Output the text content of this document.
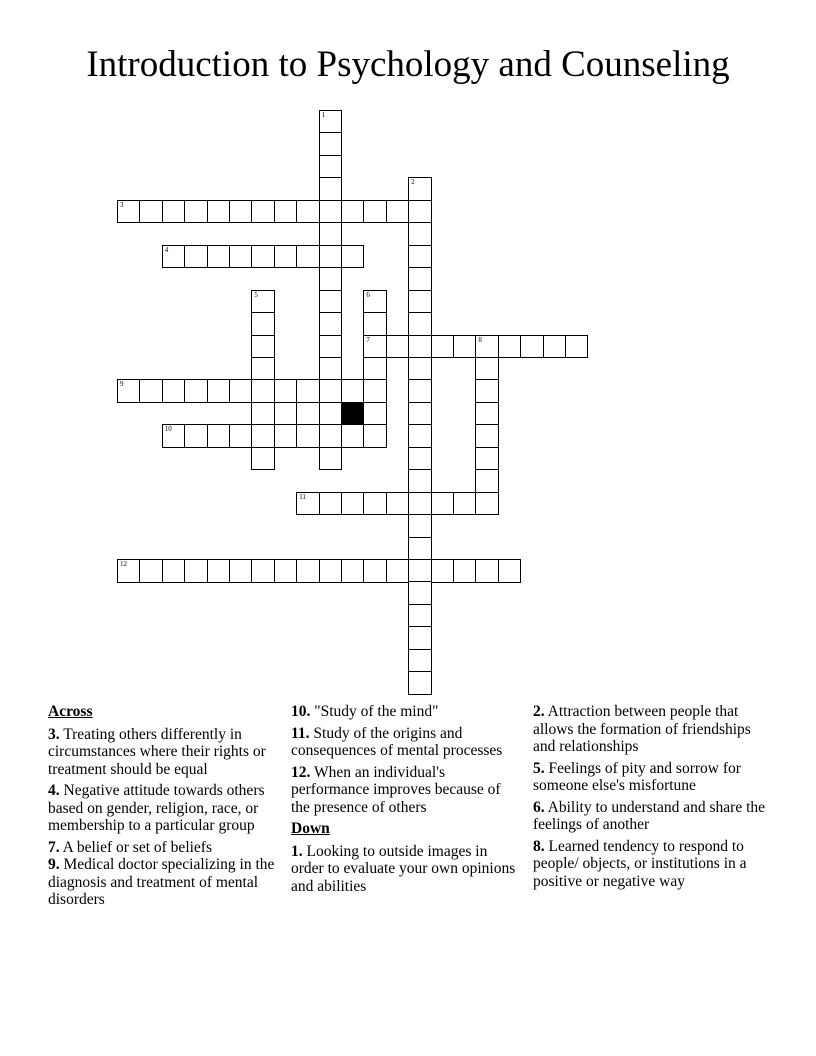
Introduction to Psychology and Counseling
1
2
3
4
5	6
7	8
9
10
11
12
Across
3. Treating others differently in circumstances where their rights or treatment should be equal
4. Negative attitude towards others based on gender, religion, race, or membership to a particular group
7. A belief or set of beliefs
9. Medical doctor specializing in the diagnosis and treatment of mental disorders
10. "Study of the mind"
11. Study of the origins and consequences of mental processes
12. When an individual's performance improves because of the presence of others
Down
1. Looking to outside images in order to evaluate your own opinions and abilities
2. Attraction between people that allows the formation of friendships and relationships
5. Feelings of pity and sorrow for someone else's misfortune
6. Ability to understand and share the feelings of another
8. Learned tendency to respond to people/ objects, or institutions in a positive or negative way
